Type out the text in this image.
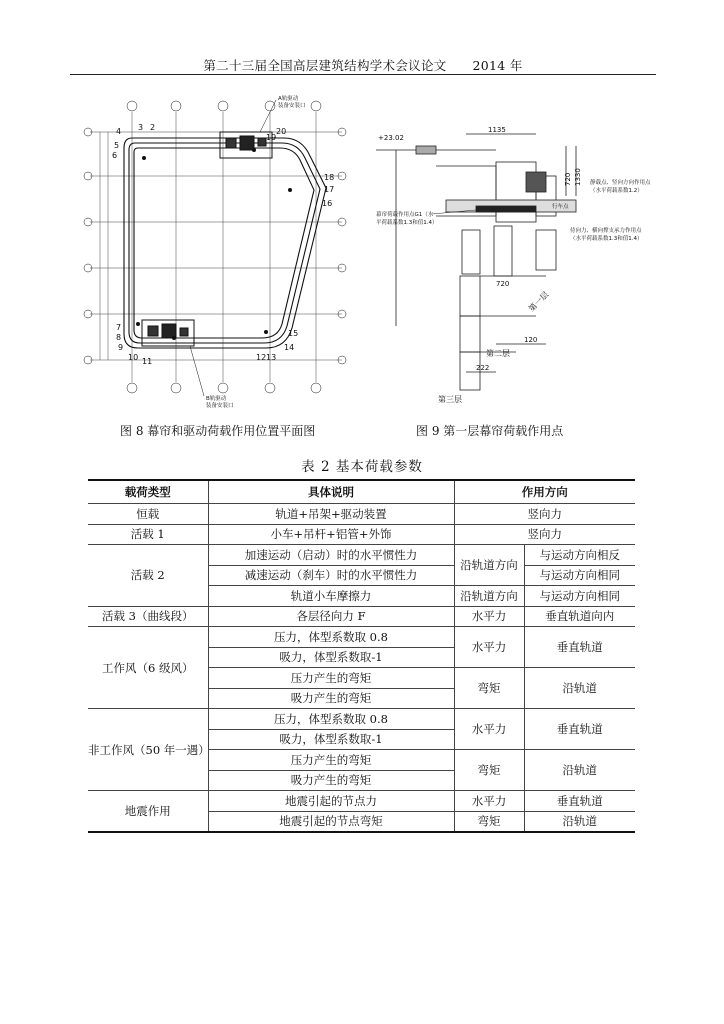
第二十三届全国高层建筑结构学术会议论文 2014 年
4
5
6
2
3	20
19
18
17
16
15
14
13
12
10 11
7
8
9
A轨驱动
装备安装口
B轨驱动
装备安装口
图 8 幕帘和驱动荷载作用位置平面图
+23.02
1135
720 1330
720
120
222
幕帘荷载作用点G1（水
平荷载系数1.3和值1.4）
静载点、竖向方向作用点
（水平荷载系数1.2）
行车点
侍向力、横向撑支承力作用点
（水平荷载系数1.3和值1.4）
第一层
第二层
第三层
图 9 第一层幕帘荷载作用点
表 2 基本荷载参数
载荷类型	具体说明	作用方向	
恒载	轨道+吊架+驱动装置	竖向力	
活载 1	小车+吊杆+铝管+外饰	竖向力	
活载 2	加速运动（启动）时的水平惯性力	沿轨道方向	与运动方向相反
	减速运动（刹车）时的水平惯性力		与运动方向相同
	轨道小车摩擦力	沿轨道方向	与运动方向相同
活载 3（曲线段）	各层径向力 F	水平力	垂直轨道向内
工作风（6 级风）	压力，体型系数取 0.8	水平力	垂直轨道
	吸力，体型系数取-1		
	压力产生的弯矩	弯矩	沿轨道
	吸力产生的弯矩		
非工作风（50 年一遇）	压力，体型系数取 0.8	水平力	垂直轨道
	吸力，体型系数取-1		
	压力产生的弯矩	弯矩	沿轨道
	吸力产生的弯矩		
地震作用	地震引起的节点力	水平力	垂直轨道
	地震引起的节点弯矩	弯矩	沿轨道
